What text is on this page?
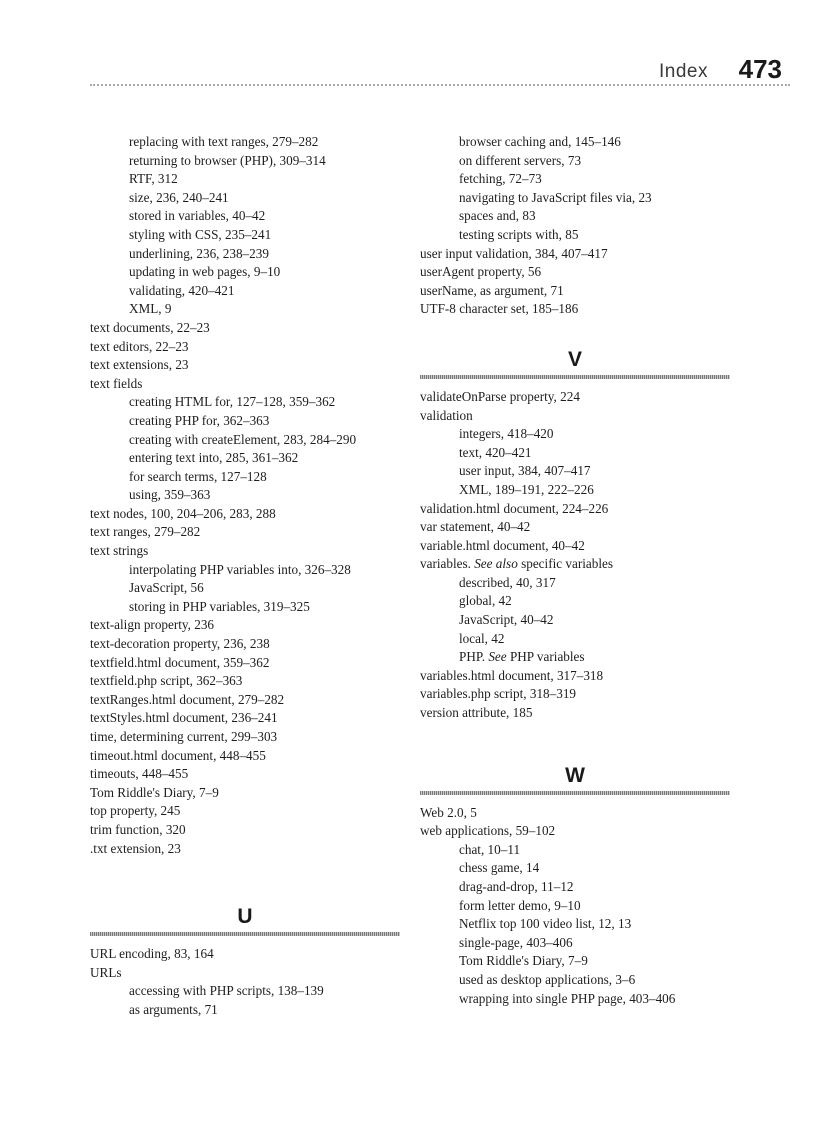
Index 473
replacing with text ranges, 279–282
returning to browser (PHP), 309–314
RTF, 312
size, 236, 240–241
stored in variables, 40–42
styling with CSS, 235–241
underlining, 236, 238–239
updating in web pages, 9–10
validating, 420–421
XML, 9
text documents, 22–23
text editors, 22–23
text extensions, 23
text fields
creating HTML for, 127–128, 359–362
creating PHP for, 362–363
creating with createElement, 283, 284–290
entering text into, 285, 361–362
for search terms, 127–128
using, 359–363
text nodes, 100, 204–206, 283, 288
text ranges, 279–282
text strings
interpolating PHP variables into, 326–328
JavaScript, 56
storing in PHP variables, 319–325
text-align property, 236
text-decoration property, 236, 238
textfield.html document, 359–362
textfield.php script, 362–363
textRanges.html document, 279–282
textStyles.html document, 236–241
time, determining current, 299–303
timeout.html document, 448–455
timeouts, 448–455
Tom Riddle's Diary, 7–9
top property, 245
trim function, 320
.txt extension, 23
U
URL encoding, 83, 164
URLs
accessing with PHP scripts, 138–139
as arguments, 71
browser caching and, 145–146
on different servers, 73
fetching, 72–73
navigating to JavaScript files via, 23
spaces and, 83
testing scripts with, 85
user input validation, 384, 407–417
userAgent property, 56
userName, as argument, 71
UTF-8 character set, 185–186
V
validateOnParse property, 224
validation
integers, 418–420
text, 420–421
user input, 384, 407–417
XML, 189–191, 222–226
validation.html document, 224–226
var statement, 40–42
variable.html document, 40–42
variables. See also specific variables
described, 40, 317
global, 42
JavaScript, 40–42
local, 42
PHP. See PHP variables
variables.html document, 317–318
variables.php script, 318–319
version attribute, 185
W
Web 2.0, 5
web applications, 59–102
chat, 10–11
chess game, 14
drag-and-drop, 11–12
form letter demo, 9–10
Netflix top 100 video list, 12, 13
single-page, 403–406
Tom Riddle's Diary, 7–9
used as desktop applications, 3–6
wrapping into single PHP page, 403–406
